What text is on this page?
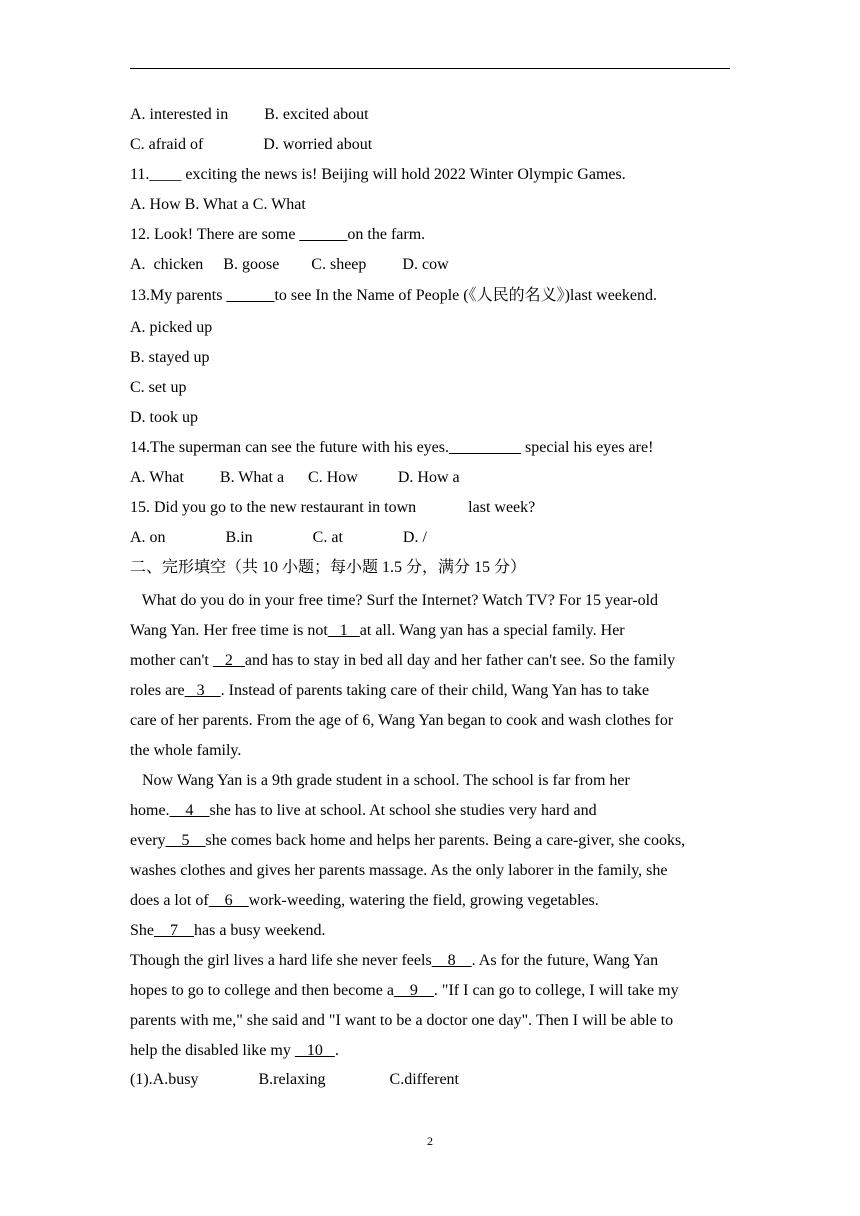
A. interested in         B. excited about
C. afraid of               D. worried about
11.____ exciting the news is! Beijing will hold 2022 Winter Olympic Games.
A. How B. What a C. What
12. Look! There are some ______on the farm.
A.  chicken     B. goose        C. sheep         D. cow
13.My parents ______to see In the Name of People (《人民的名义》)last weekend.
A. picked up
B. stayed up
C. set up
D. took up
14.The superman can see the future with his eyes._________ special his eyes are!
A. What         B. What a      C. How          D. How a
15. Did you go to the new restaurant in town             last week?
A. on               B.in               C. at               D. /
二、完形填空（共 10 小题；每小题 1.5 分，满分 15 分）
What do you do in your free time? Surf the Internet? Watch TV? For 15 year-old
Wang Yan. Her free time is not   1   at all. Wang yan has a special family. Her
mother can't    2   and has to stay in bed all day and her father can't see. So the family
roles are   3    . Instead of parents taking care of their child, Wang Yan has to take
care of her parents. From the age of 6, Wang Yan began to cook and wash clothes for
the whole family.
Now Wang Yan is a 9th grade student in a school. The school is far from her
home.    4    she has to live at school. At school she studies very hard and
every    5    she comes back home and helps her parents. Being a care-giver, she cooks,
washes clothes and gives her parents massage. As the only laborer in the family, she
does a lot of    6    work-weeding, watering the field, growing vegetables.
She    7    has a busy weekend.
Though the girl lives a hard life she never feels    8    . As for the future, Wang Yan
hopes to go to college and then become a    9    . "If I can go to college, I will take my
parents with me," she said and "I want to be a doctor one day". Then I will be able to
help the disabled like my    10   .
(1).A.busy               B.relaxing                C.different
2
